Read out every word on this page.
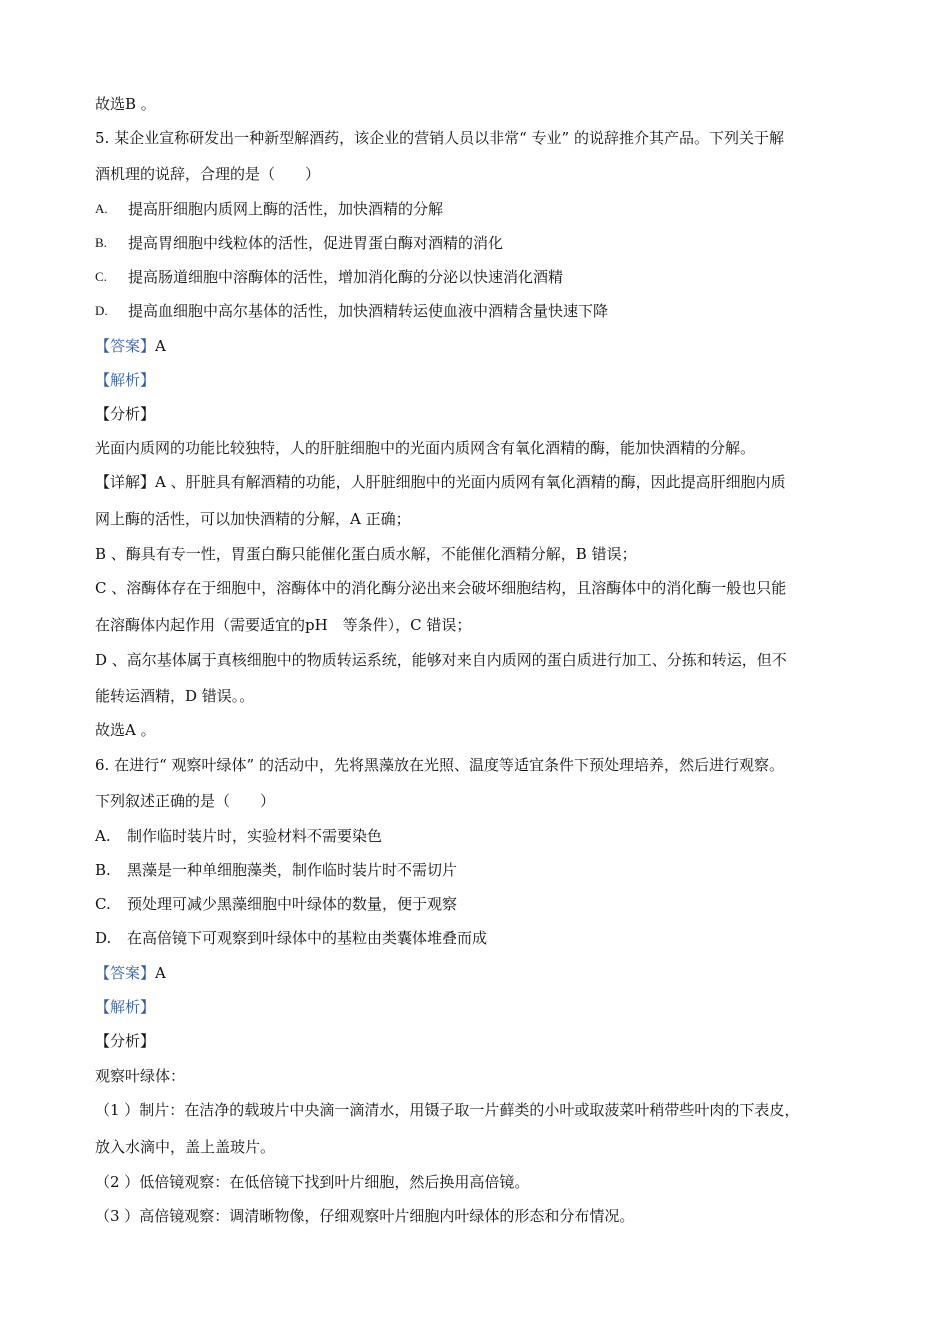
故选B 。
5. 某企业宣称研发出一种新型解酒药，该企业的营销人员以非常“ 专业” 的说辞推介其产品。下列关于解
酒机理的说辞，合理的是（　　）
A.	提高肝细胞内质网上酶的活性，加快酒精的分解
B.	提高胃细胞中线粒体的活性，促进胃蛋白酶对酒精的消化
C.	提高肠道细胞中溶酶体的活性，增加消化酶的分泌以快速消化酒精
D.	提高血细胞中高尔基体的活性，加快酒精转运使血液中酒精含量快速下降
【答案】A
【解析】
【分析】
光面内质网的功能比较独特，人的肝脏细胞中的光面内质网含有氧化酒精的酶，能加快酒精的分解。
【详解】A 、肝脏具有解酒精的功能，人肝脏细胞中的光面内质网有氧化酒精的酶，因此提高肝细胞内质
网上酶的活性，可以加快酒精的分解，A 正确；
B 、酶具有专一性，胃蛋白酶只能催化蛋白质水解，不能催化酒精分解，B 错误；
C 、溶酶体存在于细胞中，溶酶体中的消化酶分泌出来会破坏细胞结构，且溶酶体中的消化酶一般也只能
在溶酶体内起作用（需要适宜的pH　等条件），C 错误；
D 、高尔基体属于真核细胞中的物质转运系统，能够对来自内质网的蛋白质进行加工、分拣和转运，但不
能转运酒精，D 错误。。
故选A 。
6. 在进行“ 观察叶绿体” 的活动中，先将黑藻放在光照、温度等适宜条件下预处理培养，然后进行观察。
下列叙述正确的是（　　）
A.	制作临时装片时，实验材料不需要染色
B.	黑藻是一种单细胞藻类，制作临时装片时不需切片
C.	预处理可减少黑藻细胞中叶绿体的数量，便于观察
D.	在高倍镜下可观察到叶绿体中的基粒由类囊体堆叠而成
【答案】A
【解析】
【分析】
观察叶绿体：
（1 ）制片：在洁净的载玻片中央滴一滴清水，用镊子取一片藓类的小叶或取菠菜叶稍带些叶肉的下表皮，
放入水滴中，盖上盖玻片。
（2 ）低倍镜观察：在低倍镜下找到叶片细胞，然后换用高倍镜。
（3 ）高倍镜观察：调清晰物像，仔细观察叶片细胞内叶绿体的形态和分布情况。
